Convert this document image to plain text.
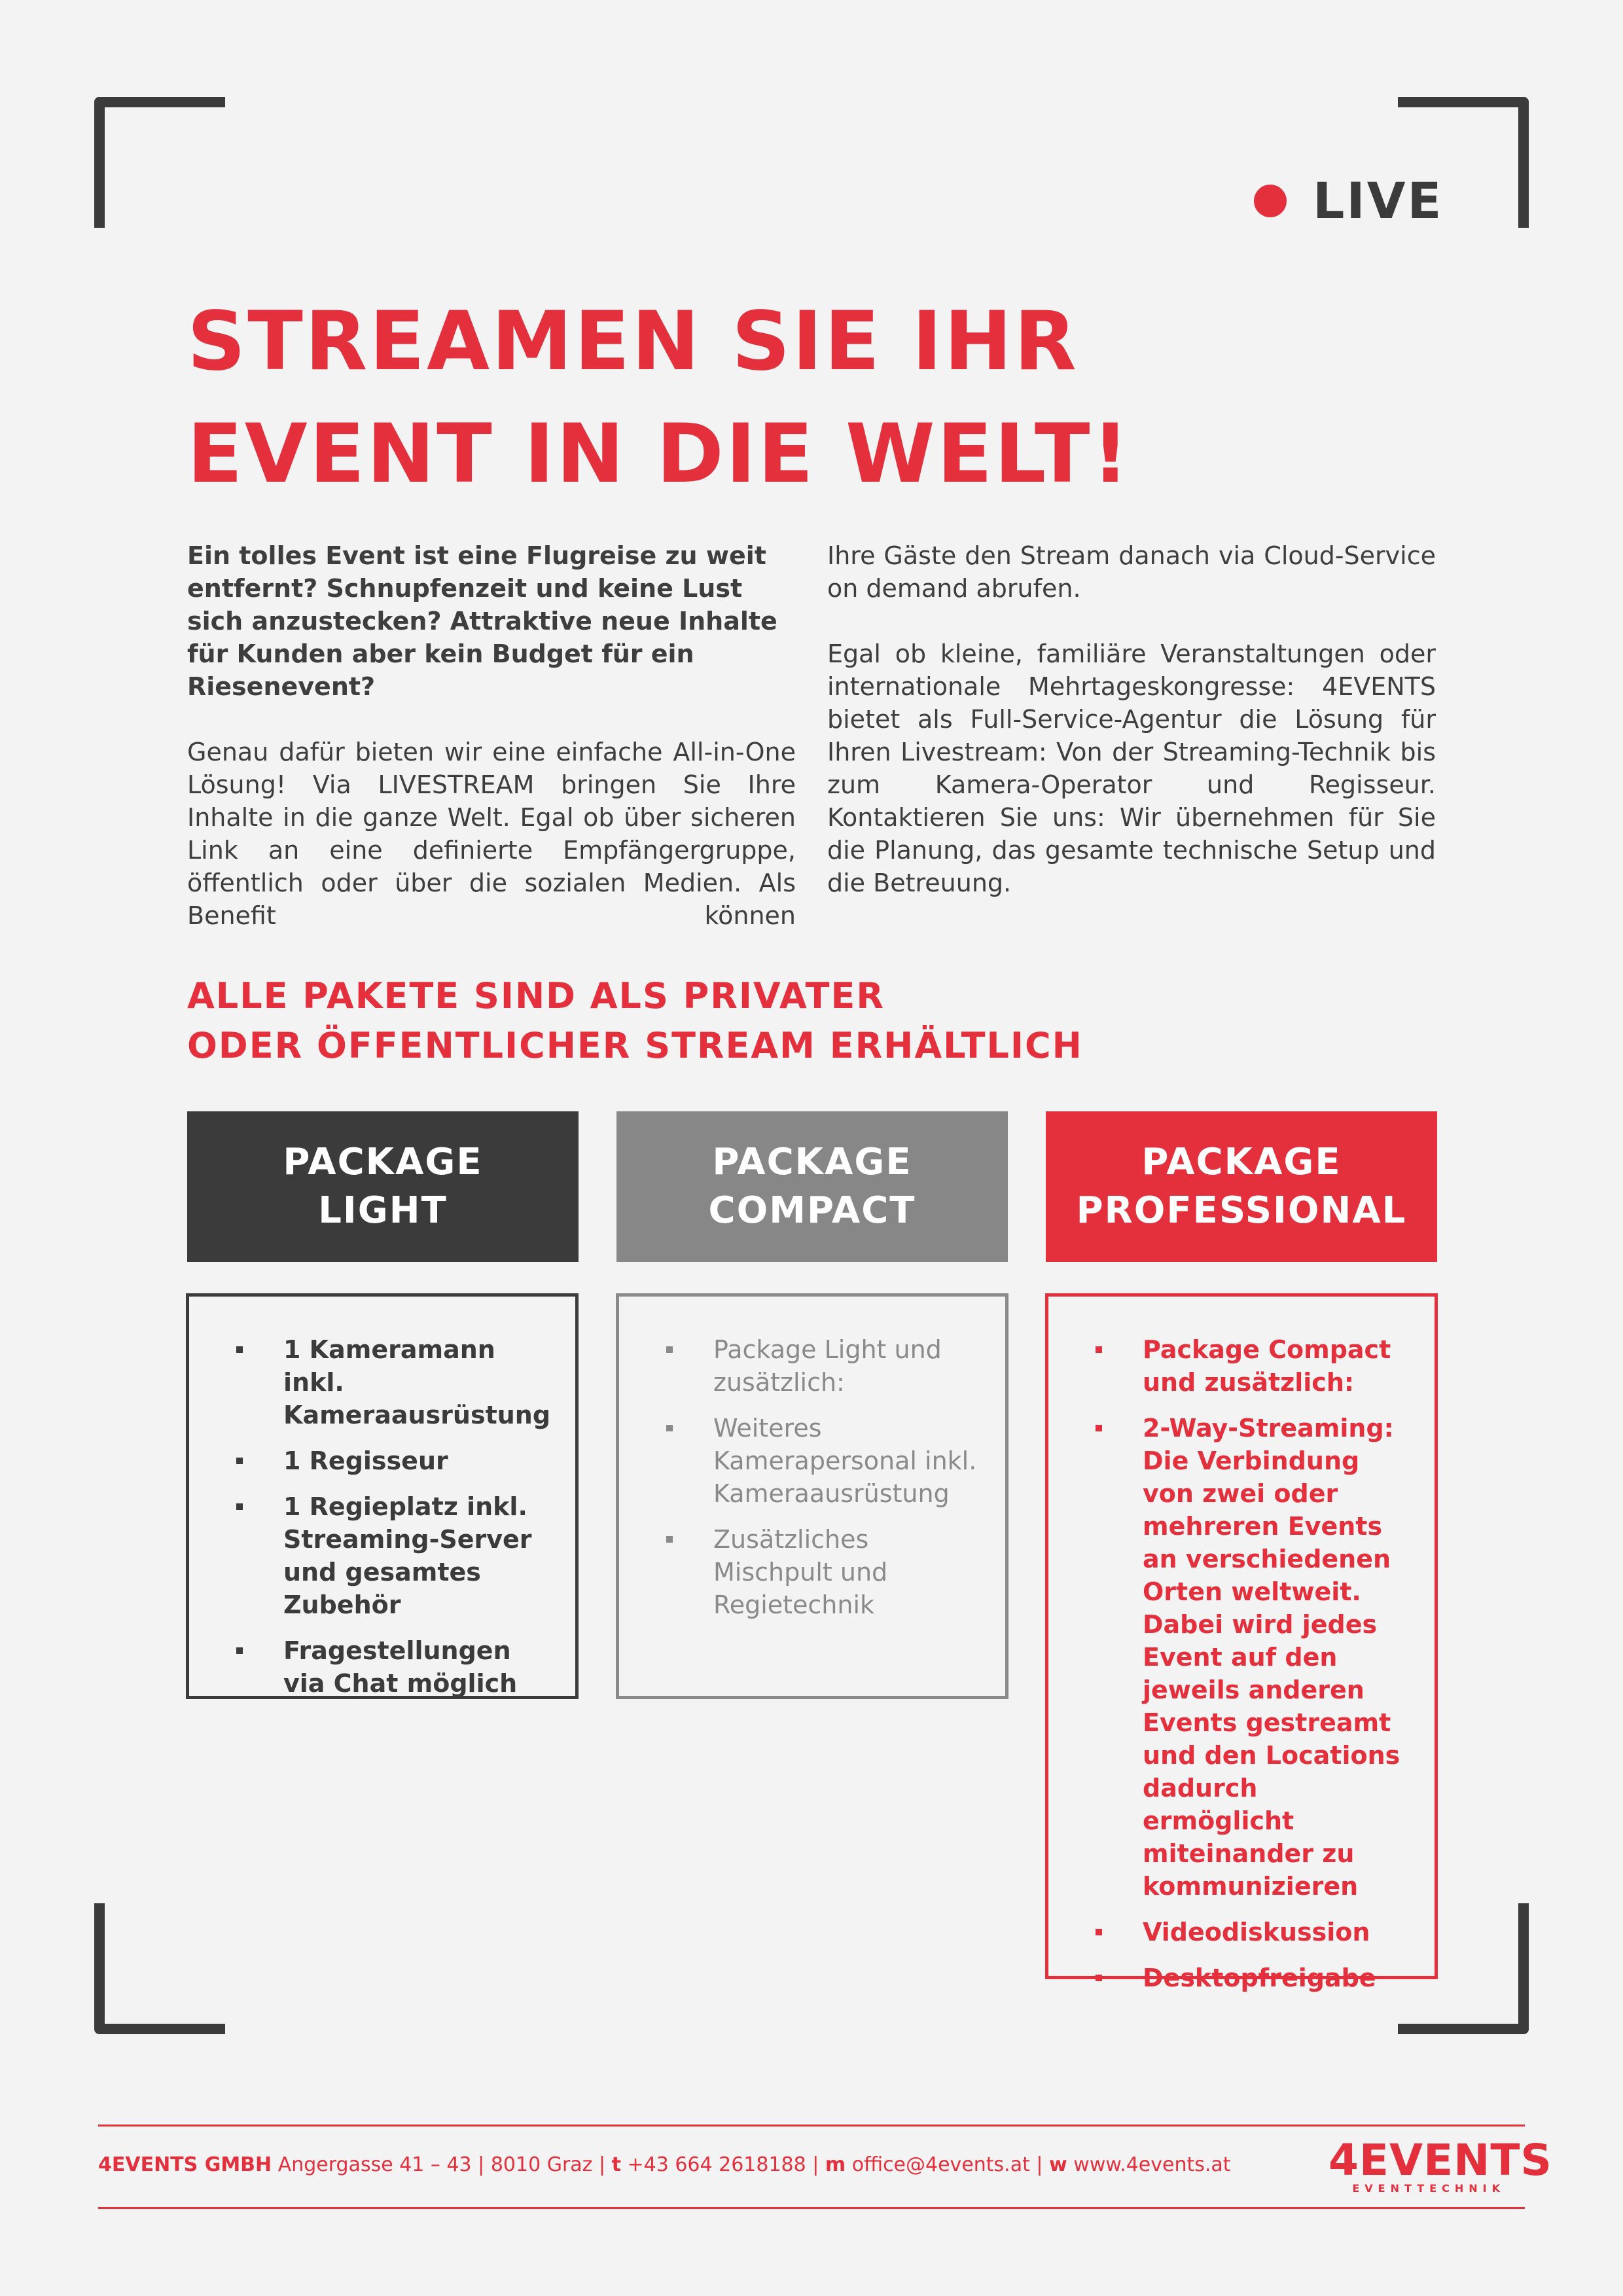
LIVE
STREAMEN SIE IHR
EVENT IN DIE WELT!

Ein tolles Event ist eine Flugreise zu weit entfernt? Schnupfenzeit und keine Lust sich anzustecken? Attraktive neue Inhalte für Kunden aber kein Budget für ein Riesenevent?

Genau dafür bieten wir eine einfache All-in-One Lösung! Via LIVESTREAM bringen Sie Ihre Inhalte in die ganze Welt. Egal ob über sicheren Link an eine definierte Empfängergruppe, öffentlich oder über die sozialen Medien. Als Benefit können

Ihre Gäste den Stream danach via Cloud-Service on demand abrufen.

Egal ob kleine, familiäre Veranstaltungen oder internationale Mehrtageskongresse: 4EVENTS bietet als Full-Service-Agentur die Lösung für Ihren Livestream: Von der Streaming-Technik bis zum Kamera-Operator und Regisseur. Kontaktieren Sie uns: Wir übernehmen für Sie die Planung, das gesamte technische Setup und die Betreuung.

ALLE PAKETE SIND ALS PRIVATER
ODER ÖFFENTLICHER STREAM ERHÄLTLICH
PACKAGE
LIGHT
1 Kameramann inkl. Kameraausrüstung
1 Regisseur
1 Regieplatz inkl. Streaming-Server und gesamtes Zubehör
Fragestellungen via Chat möglich
PACKAGE
COMPACT
Package Light und zusätzlich:
Weiteres Kamerapersonal inkl. Kameraausrüstung
Zusätzliches Mischpult und Regietechnik
PACKAGE
PROFESSIONAL
Package Compact und zusätzlich:
2-Way-Streaming: Die Verbindung von zwei oder mehreren Events an verschiedenen Orten weltweit. Dabei wird jedes Event auf den jeweils anderen Events gestreamt und den Locations dadurch ermöglicht miteinander zu kommunizieren
Videodiskussion
Desktopfreigabe
4EVENTS GMBH Angergasse 41 – 43 | 8010 Graz | t +43 664 2618188 | m office@4events.at | w www.4events.at 4EVENTS
EVENTTECHNIK
